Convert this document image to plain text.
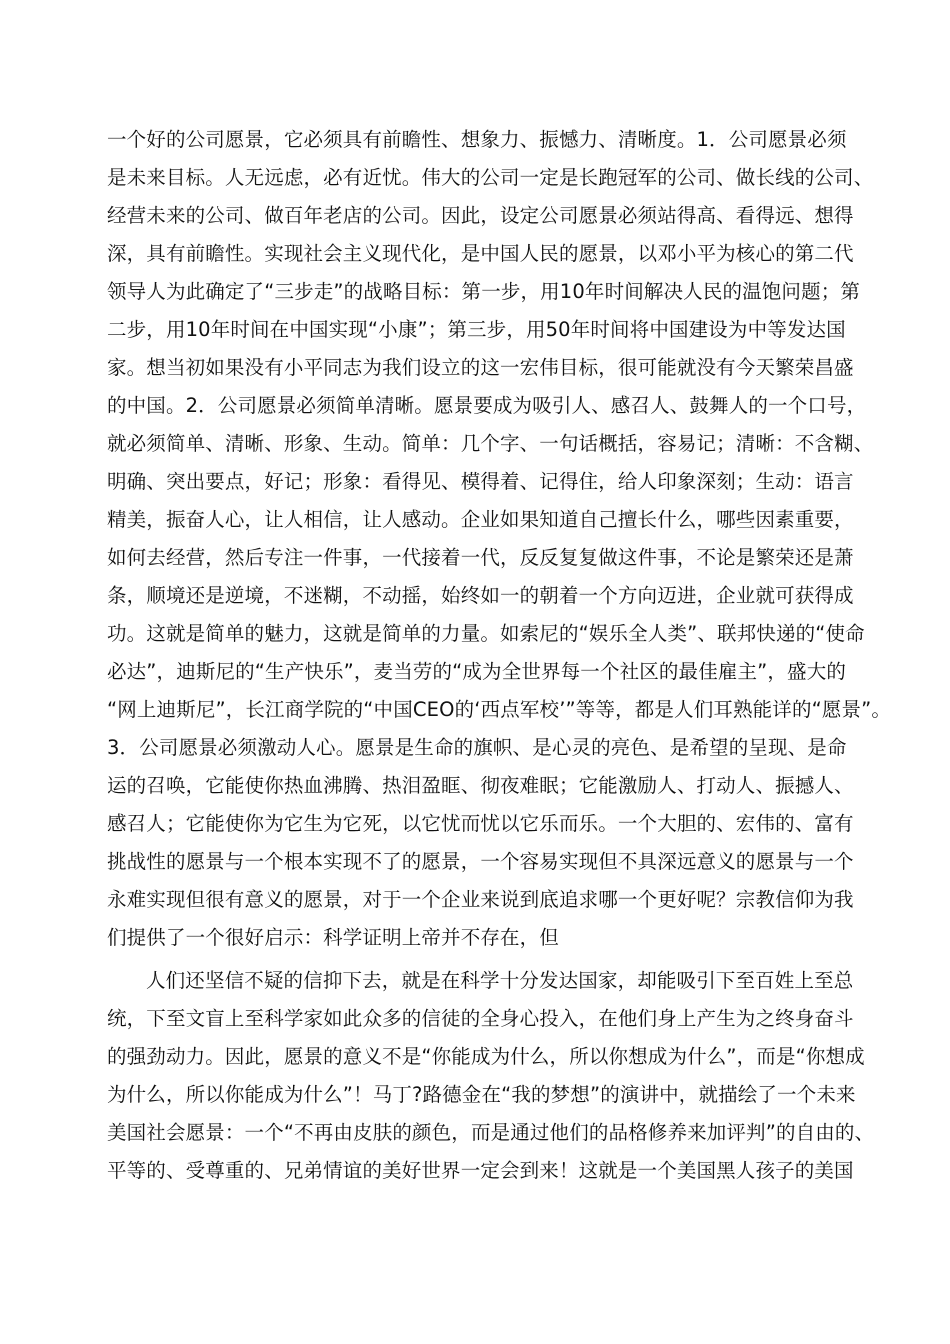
一个好的公司愿景，它必须具有前瞻性、想象力、振憾力、清晰度。1．公司愿景必须
是未来目标。人无远虑，必有近忧。伟大的公司一定是长跑冠军的公司、做长线的公司、
经营未来的公司、做百年老店的公司。因此，设定公司愿景必须站得高、看得远、想得
深，具有前瞻性。实现社会主义现代化，是中国人民的愿景，以邓小平为核心的第二代
领导人为此确定了“三步走”的战略目标：第一步，用10年时间解决人民的温饱问题；第
二步，用10年时间在中国实现“小康”；第三步，用50年时间将中国建设为中等发达国
家。想当初如果没有小平同志为我们设立的这一宏伟目标，很可能就没有今天繁荣昌盛
的中国。2．公司愿景必须简单清晰。愿景要成为吸引人、感召人、鼓舞人的一个口号，
就必须简单、清晰、形象、生动。简单：几个字、一句话概括，容易记；清晰：不含糊、
明确、突出要点，好记；形象：看得见、模得着、记得住，给人印象深刻；生动：语言
精美，振奋人心，让人相信，让人感动。企业如果知道自己擅长什么，哪些因素重要，
如何去经营，然后专注一件事，一代接着一代，反反复复做这件事，不论是繁荣还是萧
条，顺境还是逆境，不迷糊，不动摇，始终如一的朝着一个方向迈进，企业就可获得成
功。这就是简单的魅力，这就是简单的力量。如索尼的“娱乐全人类”、联邦快递的“使命
必达”，迪斯尼的“生产快乐”，麦当劳的“成为全世界每一个社区的最佳雇主”，盛大的
“网上迪斯尼”，长江商学院的“中国CEO的‘西点军校’”等等，都是人们耳熟能详的“愿景”。
3．公司愿景必须激动人心。愿景是生命的旗帜、是心灵的亮色、是希望的呈现、是命
运的召唤，它能使你热血沸腾、热泪盈眶、彻夜难眠；它能激励人、打动人、振撼人、
感召人；它能使你为它生为它死，以它忧而忧以它乐而乐。一个大胆的、宏伟的、富有
挑战性的愿景与一个根本实现不了的愿景，一个容易实现但不具深远意义的愿景与一个
永难实现但很有意义的愿景，对于一个企业来说到底追求哪一个更好呢？宗教信仰为我
们提供了一个很好启示：科学证明上帝并不存在，但
人们还坚信不疑的信抑下去，就是在科学十分发达国家，却能吸引下至百姓上至总
统，下至文盲上至科学家如此众多的信徒的全身心投入，在他们身上产生为之终身奋斗
的强劲动力。因此，愿景的意义不是“你能成为什么，所以你想成为什么”，而是“你想成
为什么，所以你能成为什么”！马丁?路德金在“我的梦想”的演讲中，就描绘了一个未来
美国社会愿景：一个“不再由皮肤的颜色，而是通过他们的品格修养来加评判”的自由的、
平等的、受尊重的、兄弟情谊的美好世界一定会到来！这就是一个美国黑人孩子的美国
